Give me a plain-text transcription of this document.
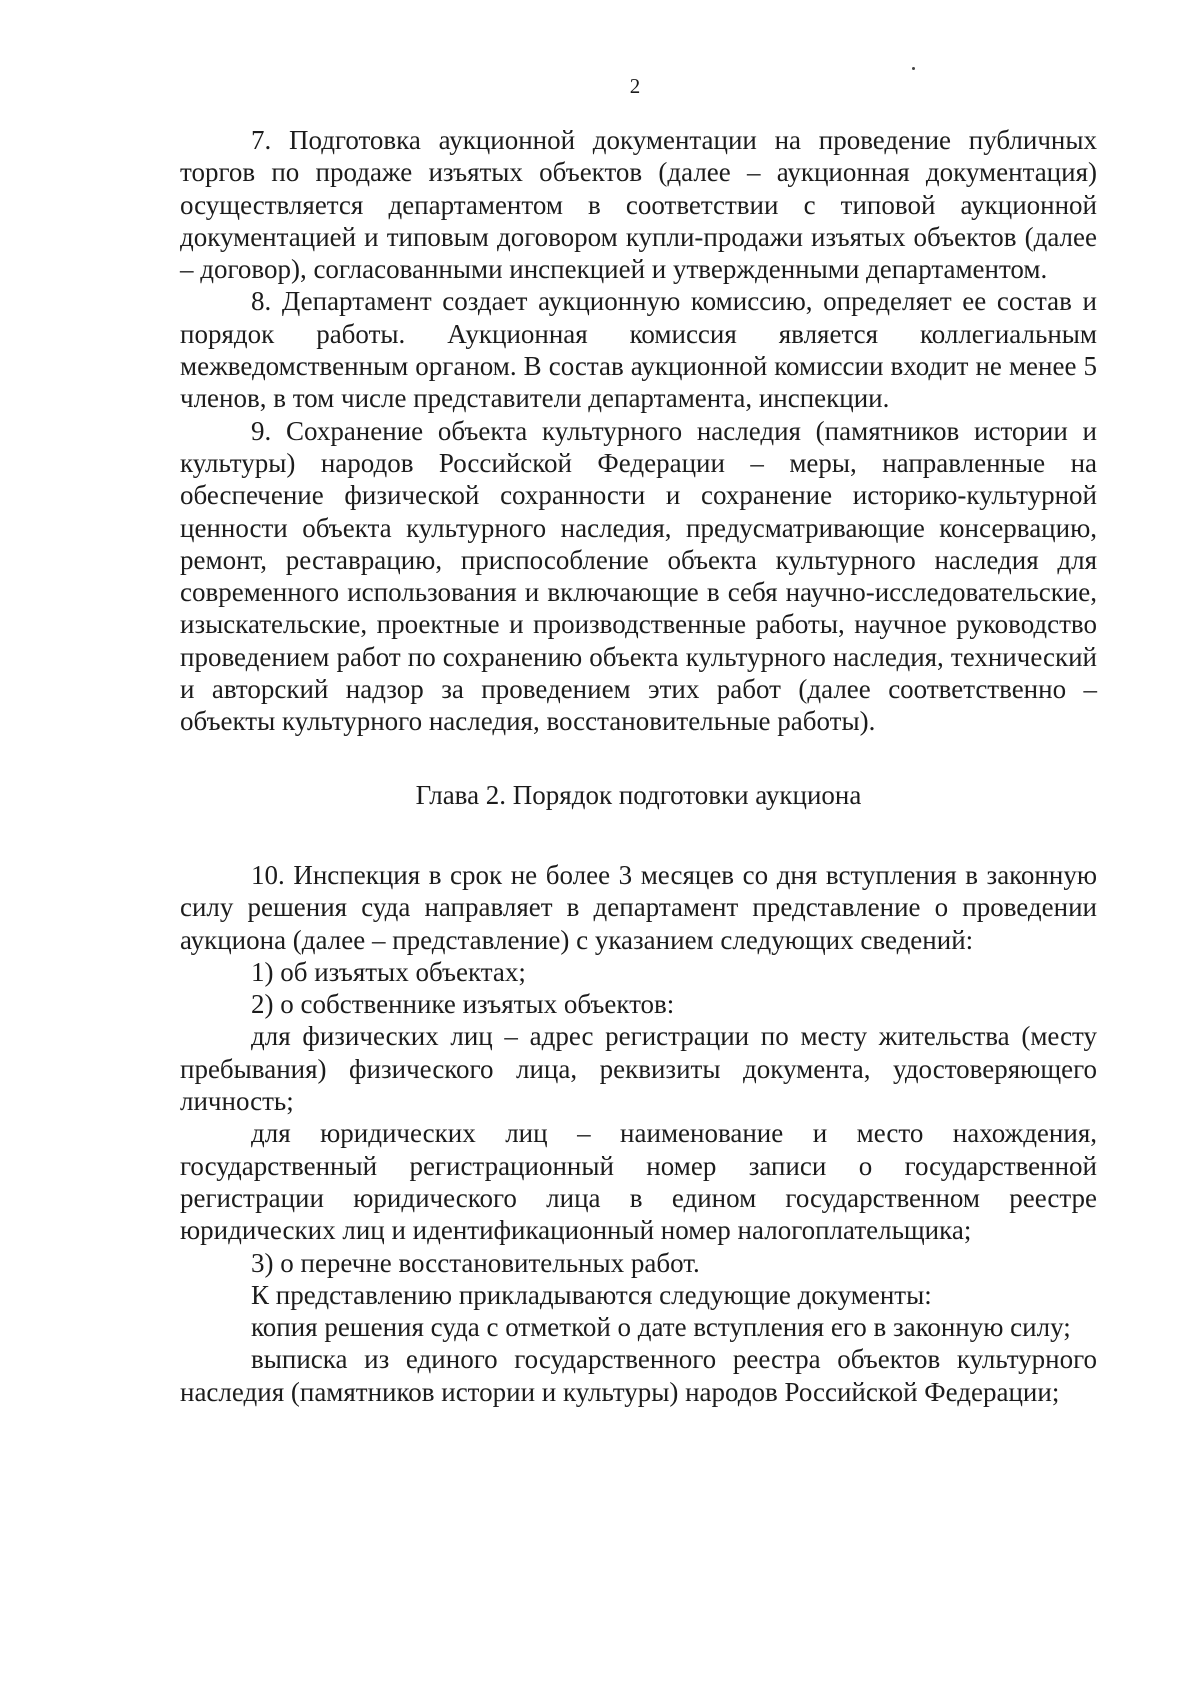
2

7. Подготовка аукционной документации на проведение публичных торгов по продаже изъятых объектов (далее – аукционная документация) осуществляется департаментом в соответствии с типовой аукционной документацией и типовым договором купли-продажи изъятых объектов (далее – договор), согласованными инспекцией и утвержденными департаментом.

8. Департамент создает аукционную комиссию, определяет ее состав и порядок работы. Аукционная комиссия является коллегиальным межведомственным органом. В состав аукционной комиссии входит не менее 5 членов, в том числе представители департамента, инспекции.

9. Сохранение объекта культурного наследия (памятников истории и культуры) народов Российской Федерации – меры, направленные на обеспечение физической сохранности и сохранение историко-культурной ценности объекта культурного наследия, предусматривающие консервацию, ремонт, реставрацию, приспособление объекта культурного наследия для современного использования и включающие в себя научно-исследовательские, изыскательские, проектные и производственные работы, научное руководство проведением работ по сохранению объекта культурного наследия, технический и авторский надзор за проведением этих работ (далее соответственно – объекты культурного наследия, восстановительные работы).

Глава 2. Порядок подготовки аукциона

10. Инспекция в срок не более 3 месяцев со дня вступления в законную силу решения суда направляет в департамент представление о проведении аукциона (далее – представление) с указанием следующих сведений:

1) об изъятых объектах;

2) о собственнике изъятых объектов:

для физических лиц – адрес регистрации по месту жительства (месту пребывания) физического лица, реквизиты документа, удостоверяющего личность;

для юридических лиц – наименование и место нахождения, государственный регистрационный номер записи о государственной регистрации юридического лица в едином государственном реестре юридических лиц и идентификационный номер налогоплательщика;

3) о перечне восстановительных работ.

К представлению прикладываются следующие документы:

копия решения суда с отметкой о дате вступления его в законную силу;

выписка из единого государственного реестра объектов культурного наследия (памятников истории и культуры) народов Российской Федерации;
